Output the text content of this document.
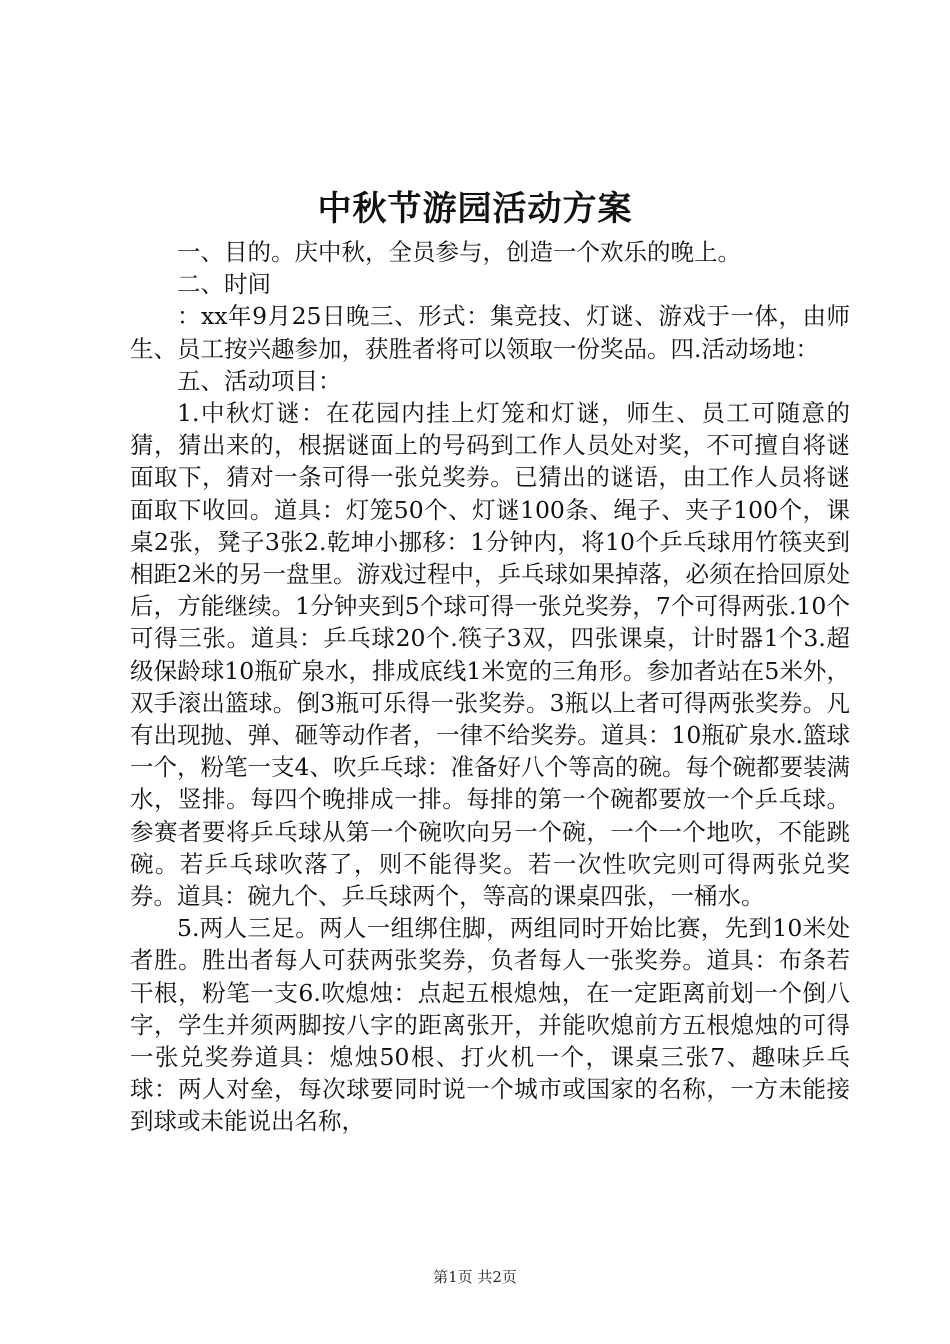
中秋节游园活动方案

一、目的。庆中秋，全员参与，创造一个欢乐的晚上。

二、时间

：xx年9月25日晚三、形式：集竞技、灯谜、游戏于一体，由师生、员工按兴趣参加，获胜者将可以领取一份奖品。四.活动场地：

五、活动项目：

1.中秋灯谜：在花园内挂上灯笼和灯谜，师生、员工可随意的猜，猜出来的，根据谜面上的号码到工作人员处对奖，不可擅自将谜面取下，猜对一条可得一张兑奖券。已猜出的谜语，由工作人员将谜面取下收回。道具：灯笼50个、灯谜100条、绳子、夹子100个，课桌2张，凳子3张2.乾坤小挪移：1分钟内，将10个乒乓球用竹筷夹到相距2米的另一盘里。游戏过程中，乒乓球如果掉落，必须在拾回原处后，方能继续。1分钟夹到5个球可得一张兑奖券，7个可得两张.10个可得三张。道具：乒乓球20个.筷子3双，四张课桌，计时器1个3.超级保龄球10瓶矿泉水，排成底线1米宽的三角形。参加者站在5米外，双手滚出篮球。倒3瓶可乐得一张奖券。3瓶以上者可得两张奖券。凡有出现抛、弹、砸等动作者，一律不给奖券。道具：10瓶矿泉水.篮球一个，粉笔一支4、吹乒乓球：准备好八个等高的碗。每个碗都要装满水，竖排。每四个晚排成一排。每排的第一个碗都要放一个乒乓球。参赛者要将乒乓球从第一个碗吹向另一个碗，一个一个地吹，不能跳碗。若乒乓球吹落了，则不能得奖。若一次性吹完则可得两张兑奖券。道具：碗九个、乒乓球两个，等高的课桌四张，一桶水。

5.两人三足。两人一组绑住脚，两组同时开始比赛，先到10米处者胜。胜出者每人可获两张奖券，负者每人一张奖券。道具：布条若干根，粉笔一支6.吹熄烛：点起五根熄烛，在一定距离前划一个倒八字，学生并须两脚按八字的距离张开，并能吹熄前方五根熄烛的可得一张兑奖券道具：熄烛50根、打火机一个，课桌三张7、趣味乒乓球：两人对垒，每次球要同时说一个城市或国家的名称，一方未能接到球或未能说出名称，

第1页 共2页
